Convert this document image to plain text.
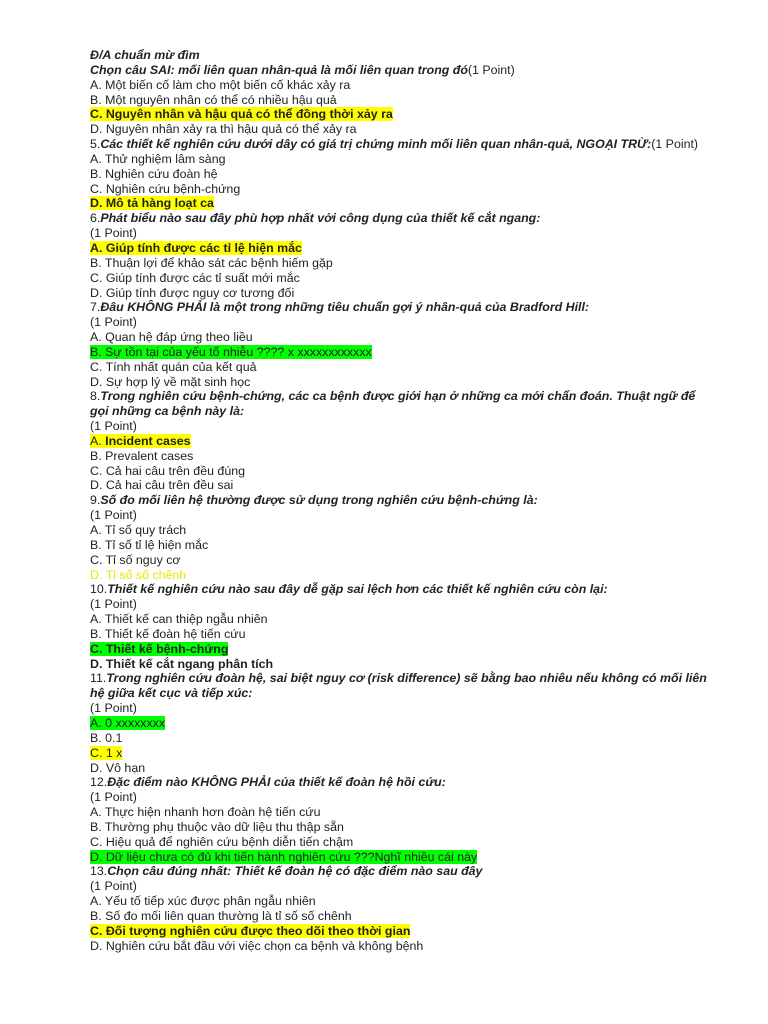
Đ/A chuẩn mừ đìm
Chọn câu SAI: mối liên quan nhân-quả là mối liên quan trong đó(1 Point)
A. Một biến cố làm cho một biến cố khác xảy ra
B. Một nguyên nhân có thể có nhiều hậu quả
C. Nguyên nhân và hậu quả có thể đồng thời xảy ra
D. Nguyên nhân xảy ra thì hậu quả có thể xảy ra
5.Các thiết kế nghiên cứu dưới dây có giá trị chứng minh mối liên quan nhân-quả, NGOẠI TRỪ:(1 Point)
A. Thử nghiệm lâm sàng
B. Nghiên cứu đoàn hệ
C. Nghiên cứu bệnh-chứng
D. Mô tả hàng loạt ca
6.Phát biểu nào sau đây phù hợp nhất với công dụng của thiết kế cắt ngang:
(1 Point)
A. Giúp tính được các tỉ lệ hiện mắc
B. Thuận lợi để khảo sát các bệnh hiếm gặp
C. Giúp tính được các tỉ suất mới mắc
D. Giúp tính được nguy cơ tương đối
7.Đâu KHÔNG PHẢI là một trong những tiêu chuẩn gợi ý nhân-quả của Bradford Hill:
(1 Point)
A. Quan hệ đáp ứng theo liều
B. Sự tồn tại của yếu tố nhiễu ???? x xxxxxxxxxxxx
C. Tính nhất quán của kết quả
D. Sự hợp lý về mặt sinh học
8.Trong nghiên cứu bệnh-chứng, các ca bệnh được giới hạn ở những ca mới chẩn đoán. Thuật ngữ để gọi những ca bệnh này là:
(1 Point)
A. Incident cases
B. Prevalent cases
C. Cả hai câu trên đều đúng
D. Cả hai câu trên đều sai
9.Số đo mối liên hệ thường được sử dụng trong nghiên cứu bệnh-chứng là:
(1 Point)
A. Tỉ số quy trách
B. Tỉ số tỉ lệ hiện mắc
C. Tỉ số nguy cơ
D. Tỉ số số chênh
10.Thiết kế nghiên cứu nào sau đây dễ gặp sai lệch hơn các thiết kế nghiên cứu còn lại:
(1 Point)
A. Thiết kế can thiệp ngẫu nhiên
B. Thiết kế đoàn hệ tiến cứu
C. Thiết kế bệnh-chứng
D. Thiết kế cắt ngang phân tích
11.Trong nghiên cứu đoàn hệ, sai biệt nguy cơ (risk difference) sẽ bằng bao nhiêu nếu không có mối liên hệ giữa kết cục và tiếp xúc:
(1 Point)
A. 0 xxxxxxxx
B. 0.1
C. 1 x
D. Vô hạn
12.Đặc điểm nào KHÔNG PHẢI của thiết kế đoàn hệ hồi cứu:
(1 Point)
A. Thực hiện nhanh hơn đoàn hệ tiến cứu
B. Thường phụ thuộc vào dữ liệu thu thập sẵn
C. Hiệu quả để nghiên cứu bệnh diễn tiến chậm
D. Dữ liệu chưa có đủ khi tiến hành nghiên cứu ???Nghĩ nhiều cái này
13.Chọn câu đúng nhất: Thiết kế đoàn hệ có đặc điểm nào sau đây
(1 Point)
A. Yếu tố tiếp xúc được phân ngẫu nhiên
B. Số đo mối liên quan thường là tỉ số số chênh
C. Đối tượng nghiên cứu được theo dõi theo thời gian
D. Nghiên cứu bắt đầu với việc chọn ca bệnh và không bệnh
